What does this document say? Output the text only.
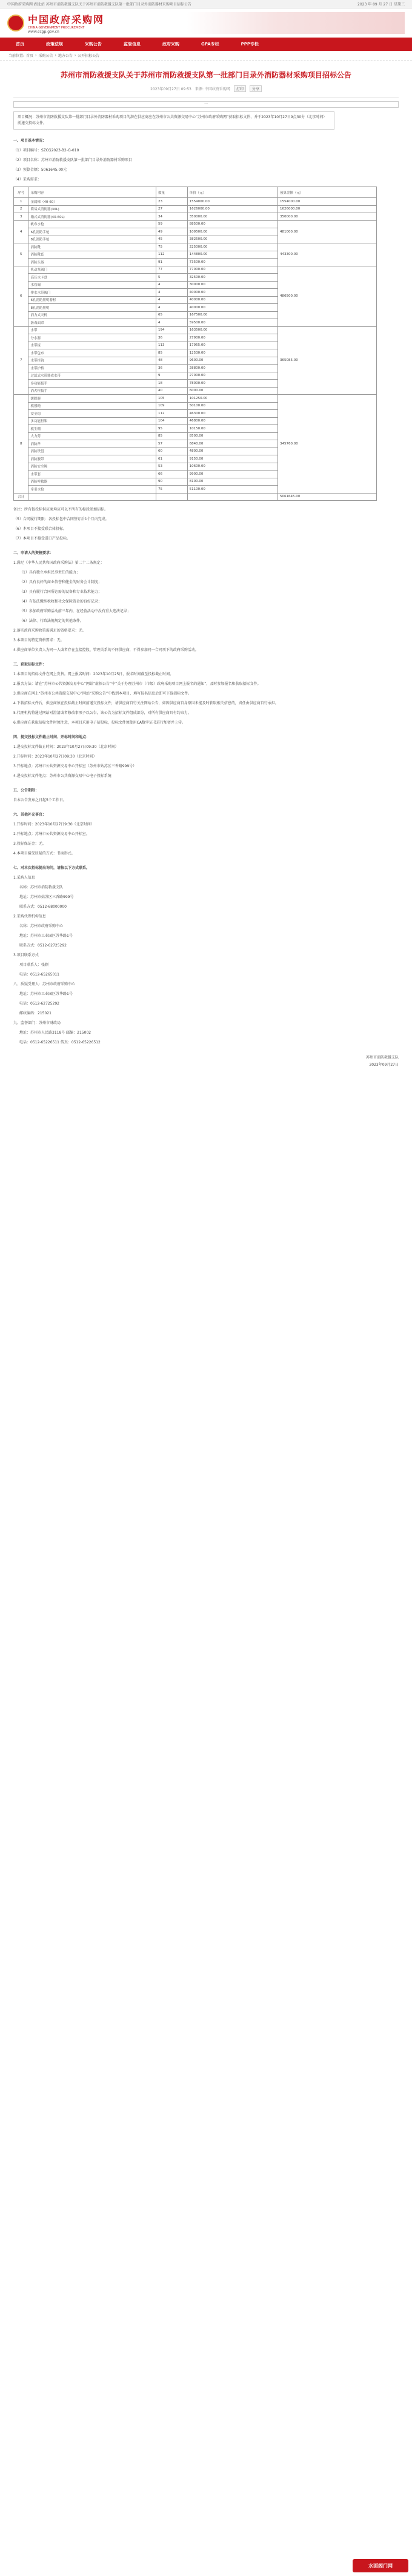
中国政府采购网·湖北站 苏州市消防救援支队关于苏州市消防救援支队第一批部门目录外消防器材采购项目招标公告	2023 年 09 月 27 日 星期三
中国政府采购网
CHINA GOVERNMENT PROCUREMENT
www.ccgp.gov.cn
首页	政策法规	采购公告	监管信息	政府采购	GPA专栏	PPP专栏
当前位置: 首页 › 采购公告 › 地方公告 › 公开招标公告
苏州市消防救援支队关于苏州市消防救援支队第一批部门目录外消防器材采购项目招标公告
2023年09月27日 09:53 来源: 中国政府采购网	打印	分享
一
项目概况：苏州市消防救援支队第一批部门目录外消防器材采购项目的潜在供应商应在苏州市公共资源交易中心“苏州市政府采购网”获取招标文件，并于2023年10月27日9点30分（北京时间）前递交投标文件。
一、项目基本情况：
（1）项目编号：SZCG2023-B2-G-010
（2）项目名称：苏州市消防救援支队第一批部门目录外消防器材采购项目
（3）预算金额：5061645.00元
（4）采购需求：
序号	采购内容	数量	单价（元）	预算金额（元）
1	金属梯（40-60）	23	1554000.00	1554000.00
2	简易式消防器(30L)	27	1626000.00	1626000.00
3	箱式式消防器(40-60L)	34	350000.00	350000.00
4	帆布水枪	59	88500.00	481000.00
	6孔消防手枪	49	109500.00	
	8孔消防手枪	45	382500.00	
5	消防靴	75	225000.00	443300.00
	消防靴套	112	144800.00	
	消防头盔	91	73500.00	
6	机动泵阀门	77	77000.00	486500.00
	高压水卡盘	5	32500.00	
	水管阀	4	30000.00	
	排水水带阀门	4	40000.00	
	6孔消防照明器材	4	40000.00	
	8孔消防照明	4	40000.00	
	消力式天机	65	167500.00	
	防毒面罩	4	59500.00	
7	水带	194	163500.00	365085.00
	分水器	36	27900.00	
	水带接	113	17955.00	
	水带包布	85	12530.00	
	水带挂钩	48	9600.00	
	水带护桥	36	28800.00	
	过滤式水带器成水带	9	27000.00	
	多功能扳手	18	78000.00	
	消火栓扳手	40	6000.00	
8	缓降器	105	101250.00	345760.00
	救援绳	109	50100.00	
	安全钩	112	46300.00	
	多功能担架	104	46800.00	
	救生棚	95	10150.00	
	大力剪	85	8500.00	
	消防斧	57	6840.00	
	消防铁铤	60	4800.00	
	消防腰带	61	9150.00	
	消防安全绳	53	10600.00	
	水带套	66	9900.00	
	消防呼救器	90	8100.00	
	牵引水枪	75	51100.00	
合计				5061645.00
备注：所有包投标供应商均应可以不所有的标段参加招标。
（5）合同履行期限：各投标包中合同签订后1个月内完成。
（6）本项目不接受联合体投标。
（7）本项目不接受进口产品投标。
二、申请人的资格要求：
1.满足《中华人民共和国政府采购法》第二十二条规定：
（1）具有独立承担民事责任的能力；
（2）具有良好的商业信誉和健全的财务会计制度；
（3）具有履行合同所必需的设备和专业技术能力；
（4）有依法缴纳税收和社会保障资金的良好记录；
（5）参加政府采购活动前三年内，在经营活动中没有重大违法记录；
（6）法律、行政法规规定的其他条件。
2.落实政府采购政策需满足的资格要求：无。
3.本项目的特定资格要求：无。
4.供应商单位负责人为同一人或者存在直接控股、管理关系的不同供应商，不得参加同一合同项下的政府采购活动。
三、获取招标文件：
1.本项目的招标文件在网上发售。网上报名时间：2023年10月25日，报名时间截至投标截止时间。
2.报名方法：请在“苏州市公共资源交易中心”网站“虚拟公告”中“关于办理苏州市（市级）政府采购项目网上报名的通知”，及时参加报名和获取招标文件。
3.供应商在网上“苏州市公共资源交易中心”网站“采购公告”中找到本项目，填写报名信息后即可下载招标文件。
4.下载招标文件后，供应商须在投标截止时间前递交投标文件，请供应商自行关注网站公告，如因供应商自身原因未能及时获取相关信息的，责任由供应商自行承担。
5.代理机构将通过网站对澄清或者修改事项予以公告，该公告为招标文件组成部分，对所有供应商具有约束力。
6.供应商在获取招标文件时须注意，本项目采用电子招投标，投标文件须使用CA数字证书进行加密并上传。
四、提交投标文件截止时间、开标时间和地点：
1.递交投标文件截止时间：2023年10月27日09:30（北京时间）
2.开标时间：2023年10月27日09:30（北京时间）
3.开标地点：苏州市公共资源交易中心开标室（苏州市姑苏区三香路999号）
4.递交投标文件地点：苏州市公共资源交易中心电子投标系统
五、公告期限：
自本公告发布之日起5个工作日。
六、其他补充事宜：
1.开标时间：2023年10月27日9:30（北京时间）
2.开标地点：苏州市公共资源交易中心开标室。
3.投标保证金：无。
4.本项目接受质疑的方式：书面形式。
七、对本次招标提出询问，请按以下方式联系。
1.采购人信息
名称：苏州市消防救援支队
地址：苏州市姑苏区三香路999号
联系方式：0512-68000000
2.采购代理机构信息
名称：苏州市政府采购中心
地址：苏州市工业园区苏华路1号
联系方式：0512-62725292
3.项目联系方式
项目联系人：张颖
电话：0512-65265011
八、质疑受理人：苏州市政府采购中心
地址：苏州市工业园区苏华路1号
电话：0512-62725292
邮政编码：215021
九、监督部门：苏州市财政局
地址：苏州市人民路3118号 邮编：215002
电话：0512-65226511 传真：0512-65226512
苏州市消防救援支队
2023年09月27日
水面阁门网
